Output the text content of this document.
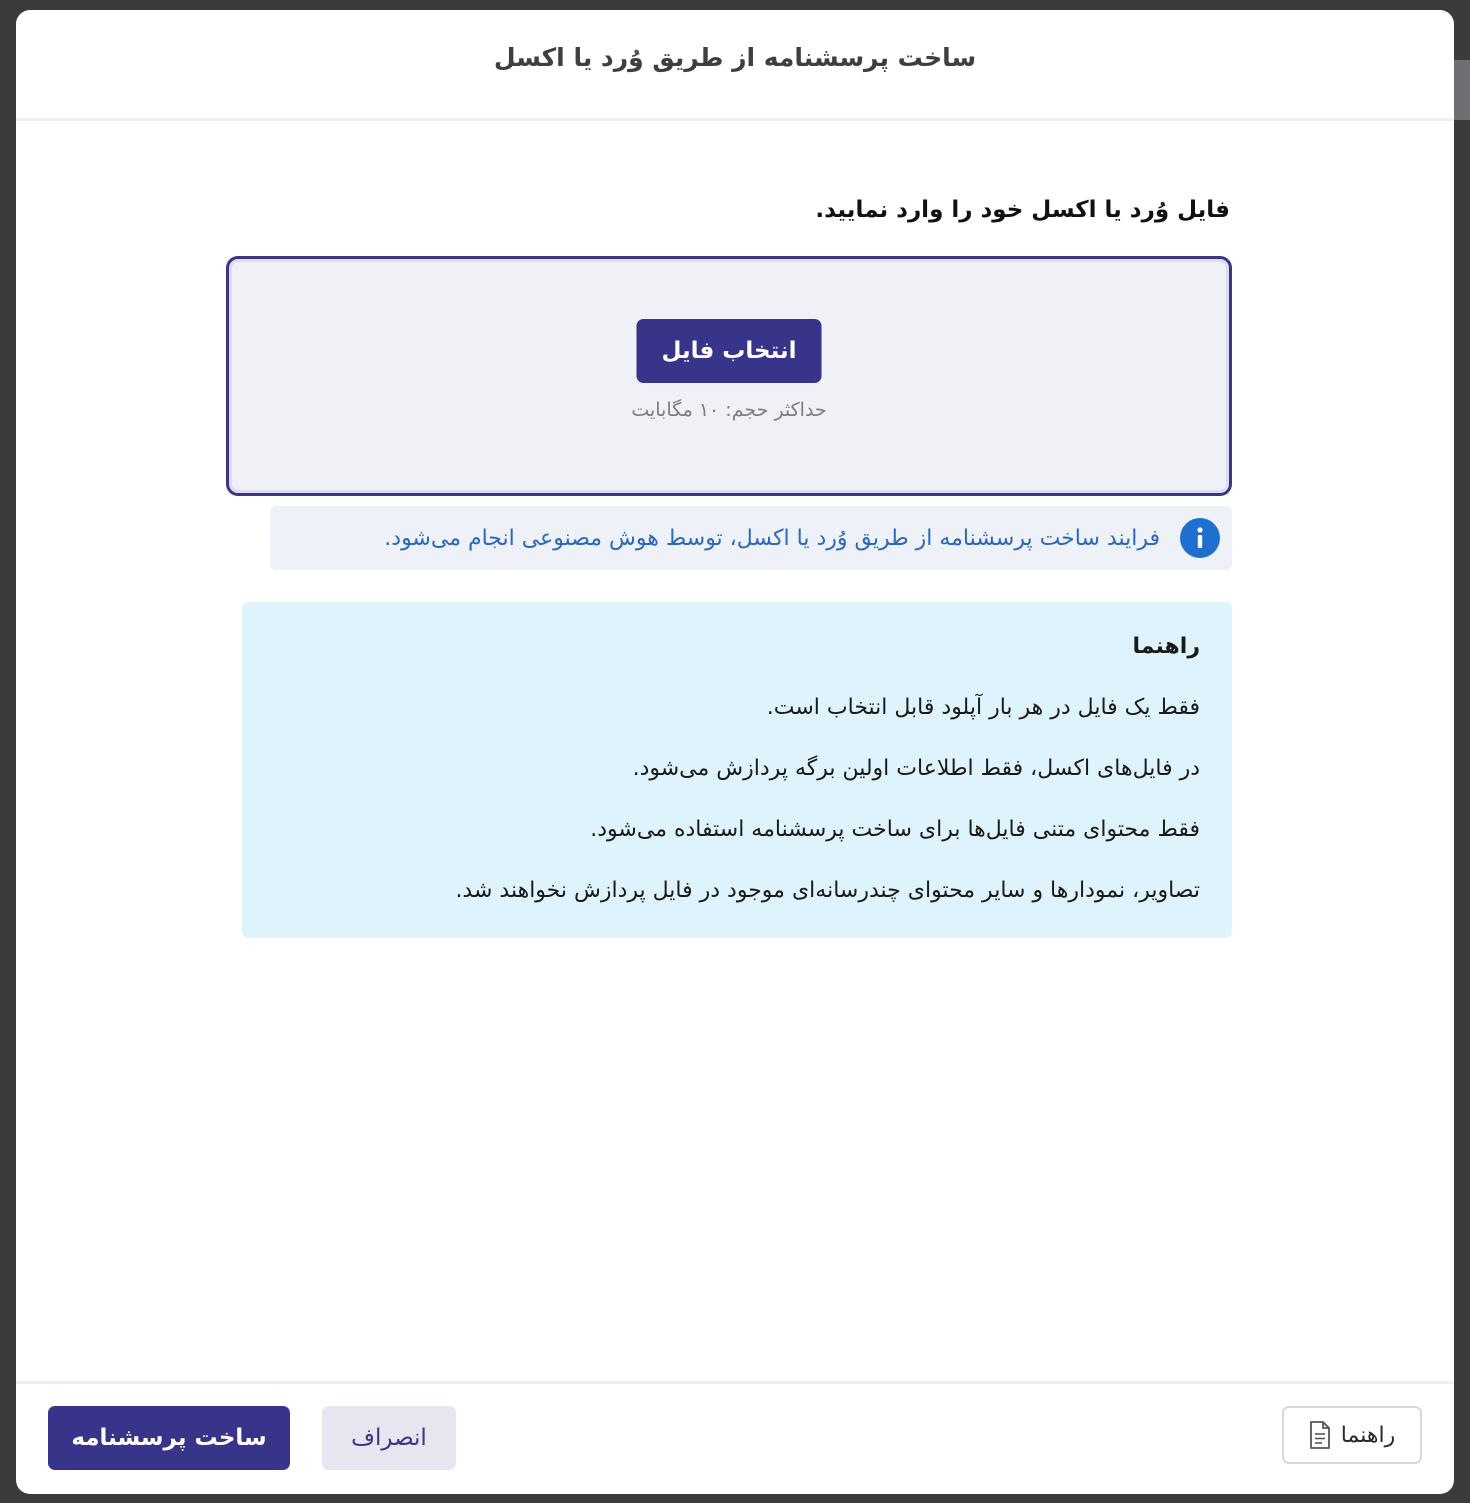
ساخت پرسشنامه از طریق وُرد یا اکسل
فایل وُرد یا اکسل خود را وارد نمایید.
انتخاب فایل
حداکثر حجم: ۱۰ مگابایت
فرایند ساخت پرسشنامه از طریق وُرد یا اکسل، توسط هوش مصنوعی انجام می‌شود.
راهنما
فقط یک فایل در هر بار آپلود قابل انتخاب است.
در فایل‌های اکسل، فقط اطلاعات اولین برگه پردازش می‌شود.
فقط محتوای متنی فایل‌ها برای ساخت پرسشنامه استفاده می‌شود.
تصاویر، نمودارها و سایر محتوای چندرسانه‌ای موجود در فایل پردازش نخواهند شد.
راهنما
انصراف
ساخت پرسشنامه
